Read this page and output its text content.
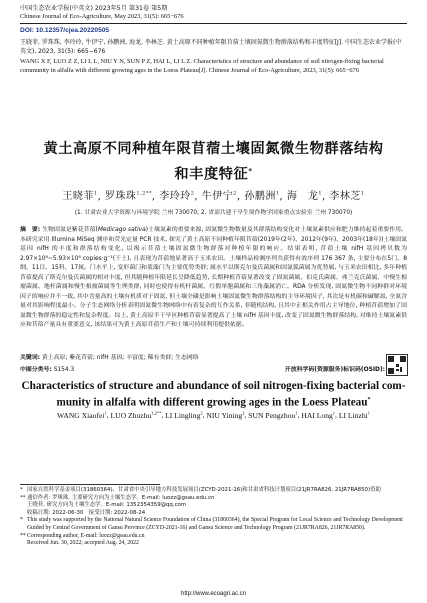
中国生态农业学报(中英文) 2023年5月 第31卷 第5期
Chinese Journal of Eco-Agriculture, May 2023, 31(5): 665−676
DOI: 10.12357/cjea.20220505
王晓菲, 罗珠珠, 李玲玲, 牛伊宁, 孙鹏洲, 海龙, 李林芝. 黄土高原不同种植年限苜蓿土壤固氮微生物群落结构和丰度特征[J]. 中国生态农业学报(中英文), 2023, 31(5): 665−676
WANG X F, LUO Z Z, LI L L, NIU Y N, SUN P Z, HAI L, LI L Z. Characteristics of structure and abundance of soil nitrogen-fixing bacterial community in alfalfa with different growing ages in the Loess Plateau[J]. Chinese Journal of Eco-Agriculture, 2023, 31(5): 665−676
黄土高原不同种植年限苜蓿土壤固氮微生物群落结构
和丰度特征*
王晓菲$^1$, 罗珠珠$^{1,2**}$, 李玲玲$^2$, 牛伊宁$^2$, 孙鹏洲$^1$, 海　龙$^1$, 李林芝$^1$
(1. 甘肃农业大学资源与环境学院 兰州 730070; 2. 省部共建干旱生境作物学国家重点实验室 兰州 730070)
摘　要: 生物固氮是紫花苜蓿(Medicago sativa)土壤氮素的重要来源, 固氮微生物数量及其群落结构变化对土壤氮素供应和肥力维持起着重要作用。本研究采用 Illumina MiSeq 测序和荧光定量 PCR 技术, 探究了黄土高原不同种植年限苜蓿(2019年(2年)、2012年(9年)、2003年(18年))土壤固氮基因 nifH 的丰度和群落结构变化, 以揭示苜蓿土壤固氮微生物群落对种植年限的响应。结果表明, 苜蓿土壤 nifH 基因拷贝数为 2.97×10⁸~5.93×10⁸ copies·g⁻¹(干土), 且表现为苜蓿地显著高于玉米农田。土壤样品检测序列共获得有效序列 176 367 条, 主要分布在5门、8纲、11目、15科、17属。门水平上, 变形菌门和蓝藻门为主要优势类群; 属水平以斯克尔曼氏菌属和固氮弧菌属为优势属, 与玉米农田相比, 多年种植苜蓿提高了斯克尔曼氏菌属的相对丰度, 但其随种植年限延长呈降低趋势, 长期种植苜蓿显著改变了固氮菌属、伯克氏菌属、弗兰克氏菌属、中慢生根瘤菌属、地杆菌属和慢生根瘤菌属等生理类群, 同时也使得有机杆菌属、红假单胞菌属和三角藻属消亡。RDA 分析发现, 固氮微生物不同种群对环境因子的响应并不一致, 其中含量高的土壤有机质对于固氮, 但土壤全磷是影响土壤固氮微生物群落结构的主导环境因子, 其次是有机碳和碱解氮, 全氮含量对其影响程度最小。分子生态网络分析表明固氮微生物网络中有着复杂的互作关系, 非随机结构, 且其中正相关作用占主导地位, 种植苜蓿增加了固氮微生物群落的稳定性和复杂程度。综上, 黄土高原半干旱区种植苜蓿显著提高了土壤 nifH 基因丰度, 改变了固氮微生物群落结构, 对维持土壤氮素供应和苜蓿产量具有重要意义, 该结果可为黄土高原苜蓿生产和土壤可持续利用提供依据。
关键词: 黄土高原; 紫花苜蓿; nifH 基因; 丰富度; 稀有类群; 生态网络
中图分类号: S154.3	开放科学码(资源服务)标识码(OSID):
Characteristics of structure and abundance of soil nitrogen-fixing bacterial com-
munity in alfalfa with different growing ages in the Loess Plateau*
WANG Xiaofei$^1$, LUO Zhuzhu$^{1,2**}$, LI Lingling$^2$, NIU Yining$^2$, SUN Pengzhou$^1$, HAI Long$^1$, LI Linzhi$^1$
* 国家自然科学基金项目(31860364)、甘肃省中央引导地方科技发展项目(ZCYD-2021-16)和甘肃省科技计划项目(21JR7RA826, 21JR7RA850)资助
** 通信作者: 罗珠珠, 主要研究方向为土壤生态学。E-mail: luozz@gsau.edu.cn
王晓菲, 研究方向为土壤生态学。E-mail: 1352354359@qq.com
收稿日期: 2022-06-30　接受日期: 2022-08-24
* This study was supported by the National Natural Science Foundation of China (31860364), the Special Program for Local Science and Technology Development Guided by Central Government of Gansu Province (ZCYD-2021-16) and Gansu Science and Technology Program (21JR7RA826, 21JR7RA850).
** Corresponding author, E-mail: luozz@gsau.edu.cn
Received Jun. 30, 2022; accepted Aug. 24, 2022
http://www.ecoagri.ac.cn
